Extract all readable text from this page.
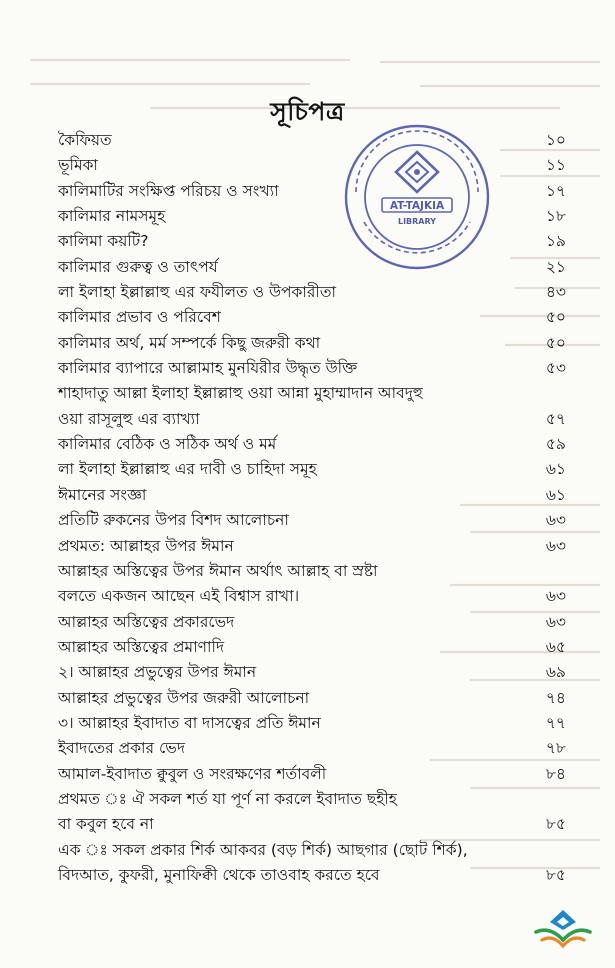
সূচিপত্র
কৈফিয়ত	১০
ভূমিকা	১১
কালিমাটির সংক্ষিপ্ত পরিচয় ও সংখ্যা	১৭
কালিমার নামসমূহ	১৮
কালিমা কয়টি?	১৯
কালিমার গুরুত্ব ও তাৎপর্য	২১
লা ইলাহা ইল্লাল্লাহু এর ফযীলত ও উপকারীতা	৪৩
কালিমার প্রভাব ও পরিবেশ	৫০
কালিমার অর্থ, মর্ম সম্পর্কে কিছু জরুরী কথা	৫০
কালিমার ব্যাপারে আল্লামাহ মুনযিরীর উদ্ধৃত উক্তি	৫৩
শাহাদাতু আল্লা ইলাহা ইল্লাল্লাহু ওয়া আন্না মুহাম্মাদান আবদুহু
ওয়া রাসূলুহু এর ব্যাখ্যা	৫৭
কালিমার বেঠিক ও সঠিক অর্থ ও মর্ম	৫৯
লা ইলাহা ইল্লাল্লাহু এর দাবী ও চাহিদা সমূহ	৬১
ঈমানের সংজ্ঞা	৬১
প্রতিটি রুকনের উপর বিশদ আলোচনা	৬৩
প্রথমত: আল্লাহর উপর ঈমান	৬৩
আল্লাহর অস্তিত্বের উপর ঈমান অর্থাৎ আল্লাহ বা স্রষ্টা
বলতে একজন আছেন এই বিশ্বাস রাখা।	৬৩
আল্লাহর অস্তিত্বের প্রকারভেদ	৬৩
আল্লাহর অস্তিত্বের প্রমাণাদি	৬৫
২। আল্লাহর প্রভুত্বের উপর ঈমান	৬৯
আল্লাহর প্রভুত্বের উপর জরুরী আলোচনা	৭৪
৩। আল্লাহর ইবাদাত বা দাসত্বের প্রতি ঈমান	৭৭
ইবাদতের প্রকার ভেদ	৭৮
আমাল-ইবাদাত ক্বুবুল ও সংরক্ষণের শর্তাবলী	৮৪
প্রথমত ঃ ঐ সকল শর্ত যা পূর্ণ না করলে ইবাদাত ছহীহ
বা কবুল হবে না	৮৫
এক ঃ সকল প্রকার শির্ক আকবর (বড় শির্ক) আছগার (ছোট শির্ক),
বিদআত, কুফরী, মুনাফিক্বী থেকে তাওবাহ করতে হবে	৮৫
AT-TAJKIA
LIBRARY
